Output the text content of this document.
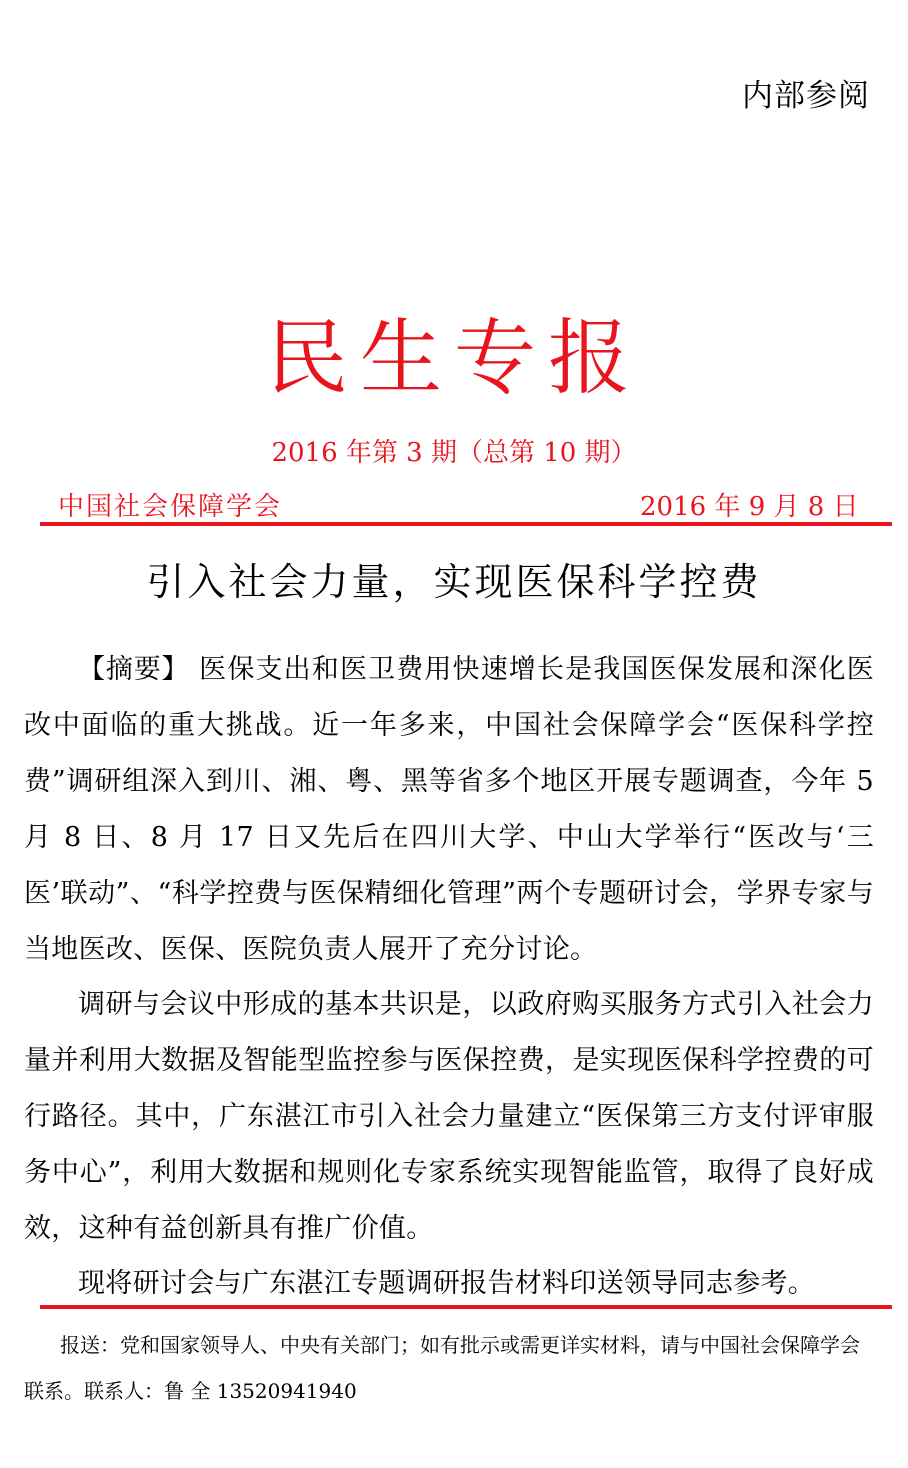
内部参阅
民生专报
2016 年第 3 期（总第 10 期）
中国社会保障学会	2016 年 9 月 8 日
引入社会力量，实现医保科学控费

【摘要】 医保支出和医卫费用快速增长是我国医保发展和深化医改中面临的重大挑战。近一年多来，中国社会保障学会“医保科学控费”调研组深入到川、湘、粤、黑等省多个地区开展专题调查，今年 5 月 8 日、8 月 17 日又先后在四川大学、中山大学举行“医改与‘三医’联动”、“科学控费与医保精细化管理”两个专题研讨会，学界专家与当地医改、医保、医院负责人展开了充分讨论。

调研与会议中形成的基本共识是，以政府购买服务方式引入社会力量并利用大数据及智能型监控参与医保控费，是实现医保科学控费的可行路径。其中，广东湛江市引入社会力量建立“医保第三方支付评审服务中心”，利用大数据和规则化专家系统实现智能监管，取得了良好成效，这种有益创新具有推广价值。

现将研讨会与广东湛江专题调研报告材料印送领导同志参考。

报送：党和国家领导人、中央有关部门；如有批示或需更详实材料，请与中国社会保障学会联系。联系人：鲁 全 13520941940
